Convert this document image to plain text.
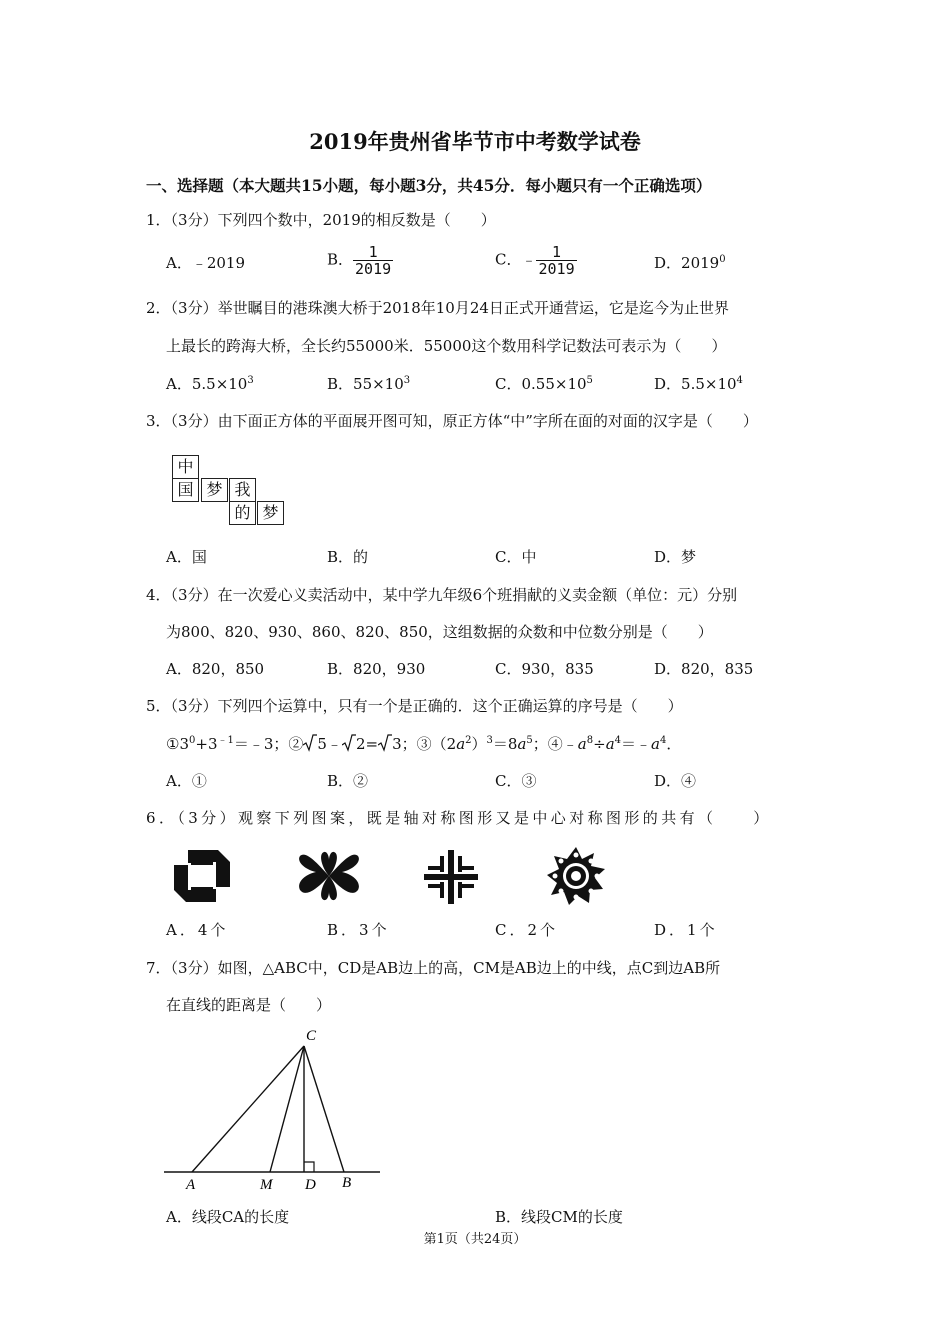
2019年贵州省毕节市中考数学试卷
一、选择题（本大题共15小题，每小题3分，共45分．每小题只有一个正确选项）
1．（3分）下列四个数中，2019的相反数是（　　）
A．﹣2019	B． $\frac{1}{2019}$	C．﹣ $\frac{1}{2019}$	D．2019$^0$
2．（3分）举世瞩目的港珠澳大桥于2018年10月24日正式开通营运，它是迄今为止世界
上最长的跨海大桥，全长约55000米．55000这个数用科学记数法可表示为（　　）
A．$5.5\times 10^3$	B．$55\times 10^3$	C．$0.55\times 10^5$	D．$5.5\times 10^4$
3．（3分）由下面正方体的平面展开图可知，原正方体“中”字所在面的对面的汉字是（　　）
中
国 梦 我
的 梦
A．国	B．的	C．中	D．梦
4．（3分）在一次爱心义卖活动中，某中学九年级6个班捐献的义卖金额（单位：元）分别
为800、820、930、860、820、850，这组数据的众数和中位数分别是（　　）
A．820，850	B．820，930	C．930，835	D．820，835
5．（3分）下列四个运算中，只有一个是正确的．这个正确运算的序号是（　　）
$①3^0+3^{﹣1}=﹣3$；② 5﹣ 2= 3；$③(2a^2)^3=8a^5$；$④﹣a^8\div a^4=﹣a^4$．
A．①	B．②	C．③	D．④
6．（3分）观察下列图案，既是轴对称图形又是中心对称图形的共有（　　）
A．4个	B．3个	C．2个	D．1个
7．（3分）如图，△ABC中，CD是AB边上的高，CM是AB边上的中线，点C到边AB所
在直线的距离是（　　）
C
A	M D B
A．线段CA的长度	B．线段CM的长度
第1页（共24页）
